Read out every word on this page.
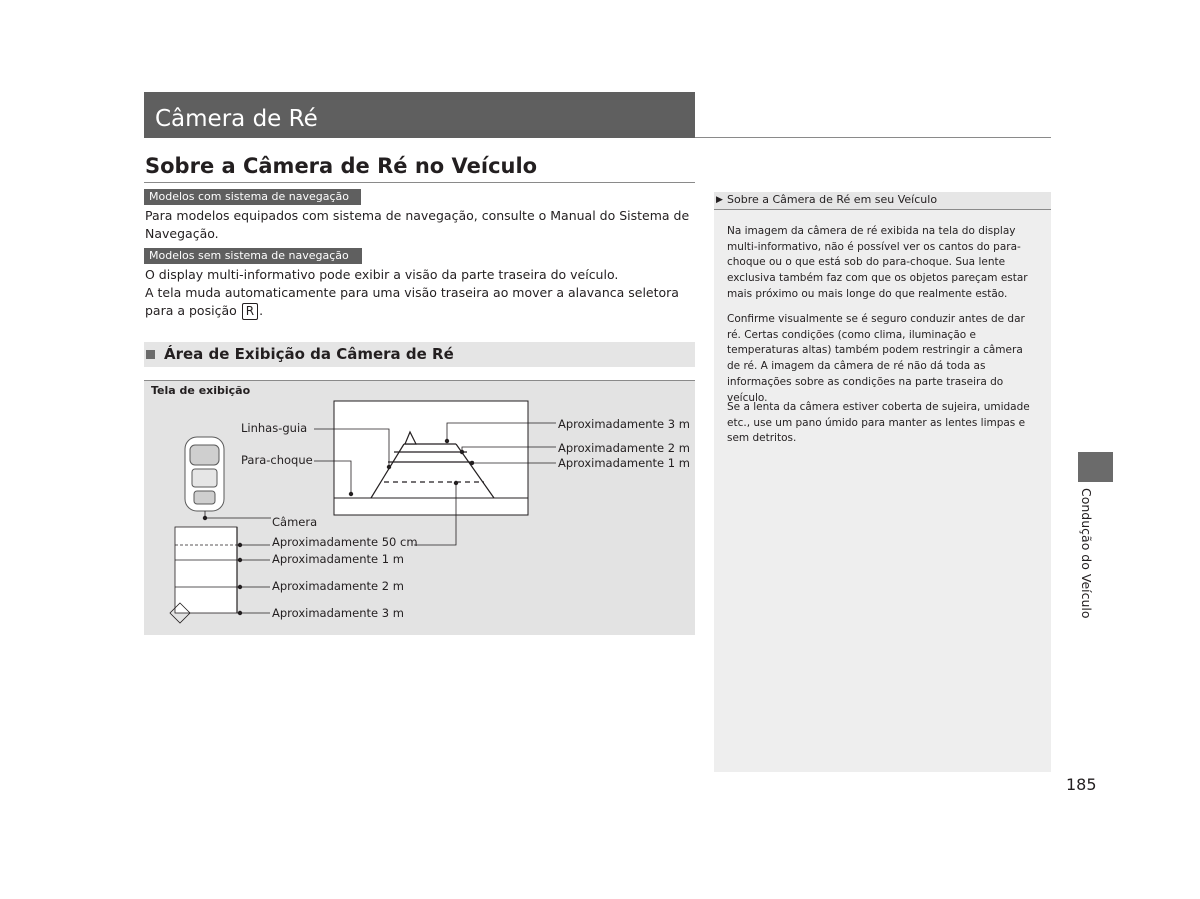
Câmera de Ré
Sobre a Câmera de Ré no Veículo
Modelos com sistema de navegação
Para modelos equipados com sistema de navegação, consulte o Manual do Sistema de Navegação.
Modelos sem sistema de navegação
O display multi-informativo pode exibir a visão da parte traseira do veículo.
A tela muda automaticamente para uma visão traseira ao mover a alavanca seletora para a posição R .
Área de Exibição da Câmera de Ré
Tela de exibição
Linhas-guia
Para-choque
Câmera
Aproximadamente 3 m
Aproximadamente 2 m
Aproximadamente 1 m
Aproximadamente 50 cm
Aproximadamente 1 m
Aproximadamente 2 m
Aproximadamente 3 m
▶ Sobre a Câmera de Ré em seu Veículo
Na imagem da câmera de ré exibida na tela do display multi-informativo, não é possível ver os cantos do para-choque ou o que está sob do para-choque. Sua lente exclusiva também faz com que os objetos pareçam estar mais próximo ou mais longe do que realmente estão.
Confirme visualmente se é seguro conduzir antes de dar ré. Certas condições (como clima, iluminação e temperaturas altas) também podem restringir a câmera de ré. A imagem da câmera de ré não dá toda as informações sobre as condições na parte traseira do veículo.
Se a lenta da câmera estiver coberta de sujeira, umidade etc., use um pano úmido para manter as lentes limpas e sem detritos.
Condução do Veículo
185
